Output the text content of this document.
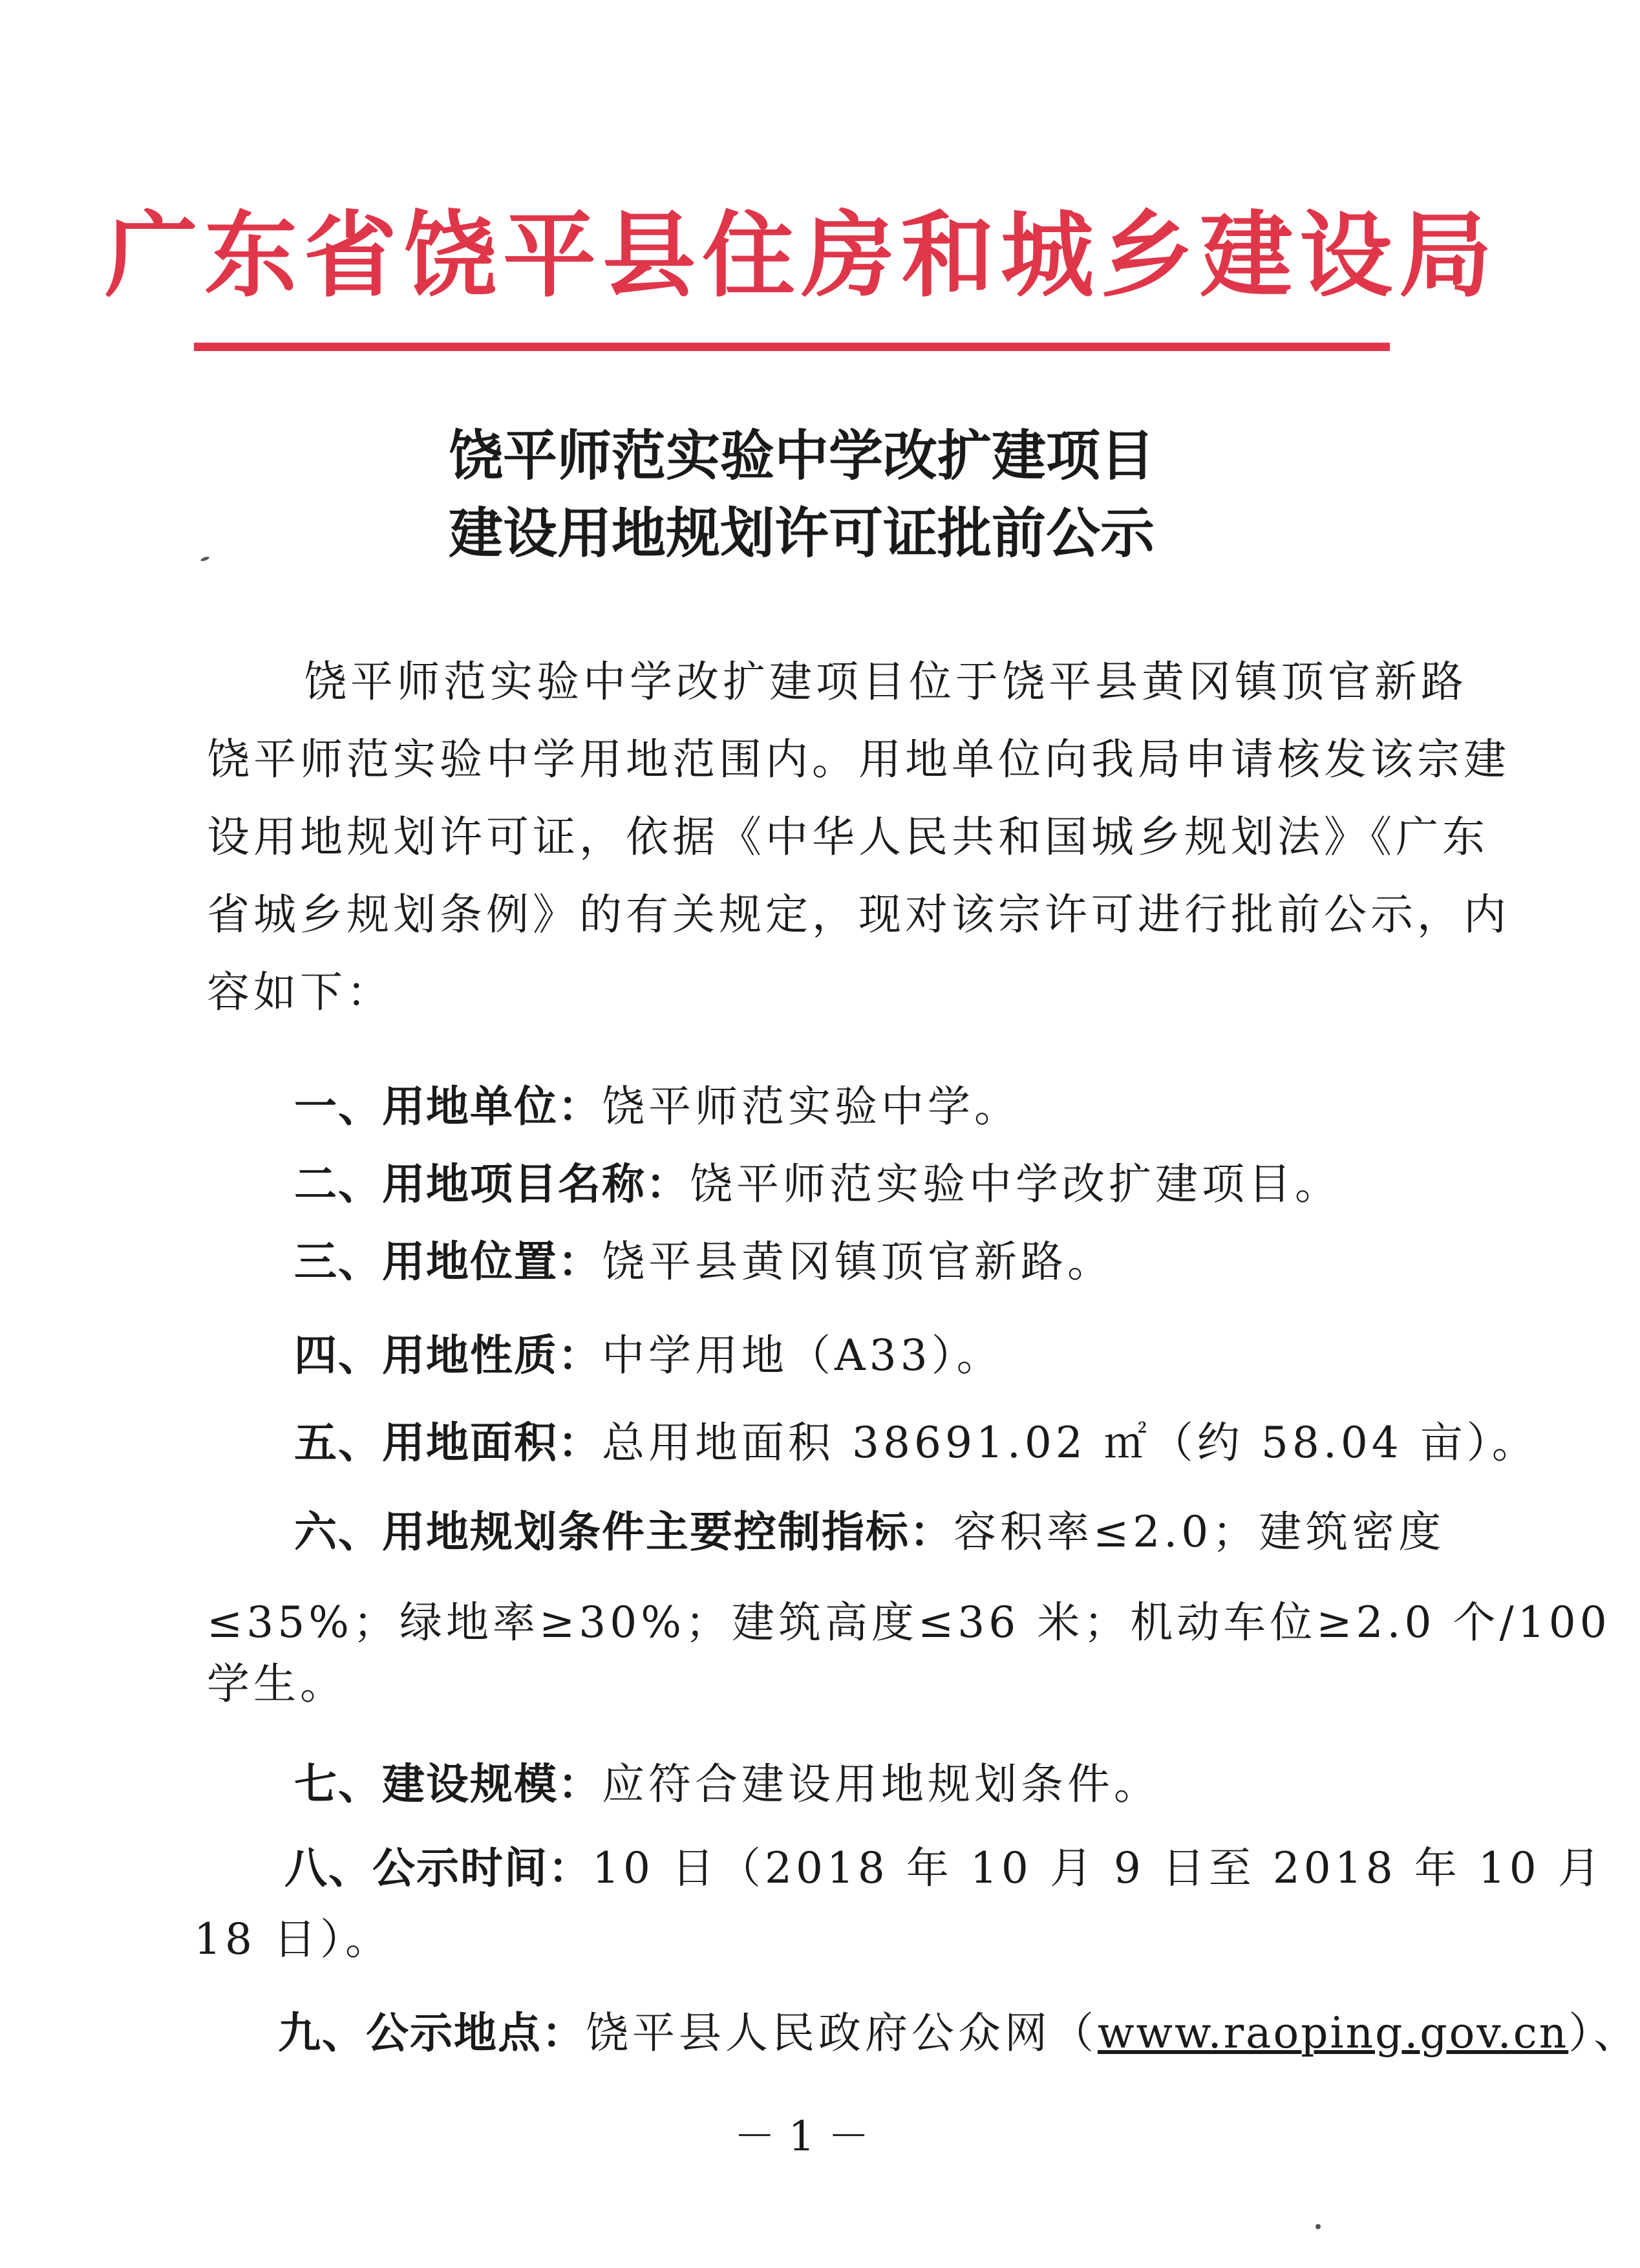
广东省饶平县住房和城乡建设局
饶平师范实验中学改扩建项目
建设用地规划许可证批前公示
饶平师范实验中学改扩建项目位于饶平县黄冈镇顶官新路
饶平师范实验中学用地范围内。用地单位向我局申请核发该宗建
设用地规划许可证，依据《中华人民共和国城乡规划法》《广东
省城乡规划条例》的有关规定，现对该宗许可进行批前公示，内
容如下：
一、用地单位：饶平师范实验中学。
二、用地项目名称：饶平师范实验中学改扩建项目。
三、用地位置：饶平县黄冈镇顶官新路。
四、用地性质：中学用地（A33）。
五、用地面积：总用地面积 38691.02 ㎡（约 58.04 亩）。
六、用地规划条件主要控制指标：容积率≤2.0；建筑密度
≤35%；绿地率≥30%；建筑高度≤36 米；机动车位≥2.0 个/100
学生。
七、建设规模：应符合建设用地规划条件。
八、公示时间：10 日（2018 年 10 月 9 日至 2018 年 10 月
18 日）。
九、公示地点：饶平县人民政府公众网（www.raoping.gov.cn）、
－ 1 －
